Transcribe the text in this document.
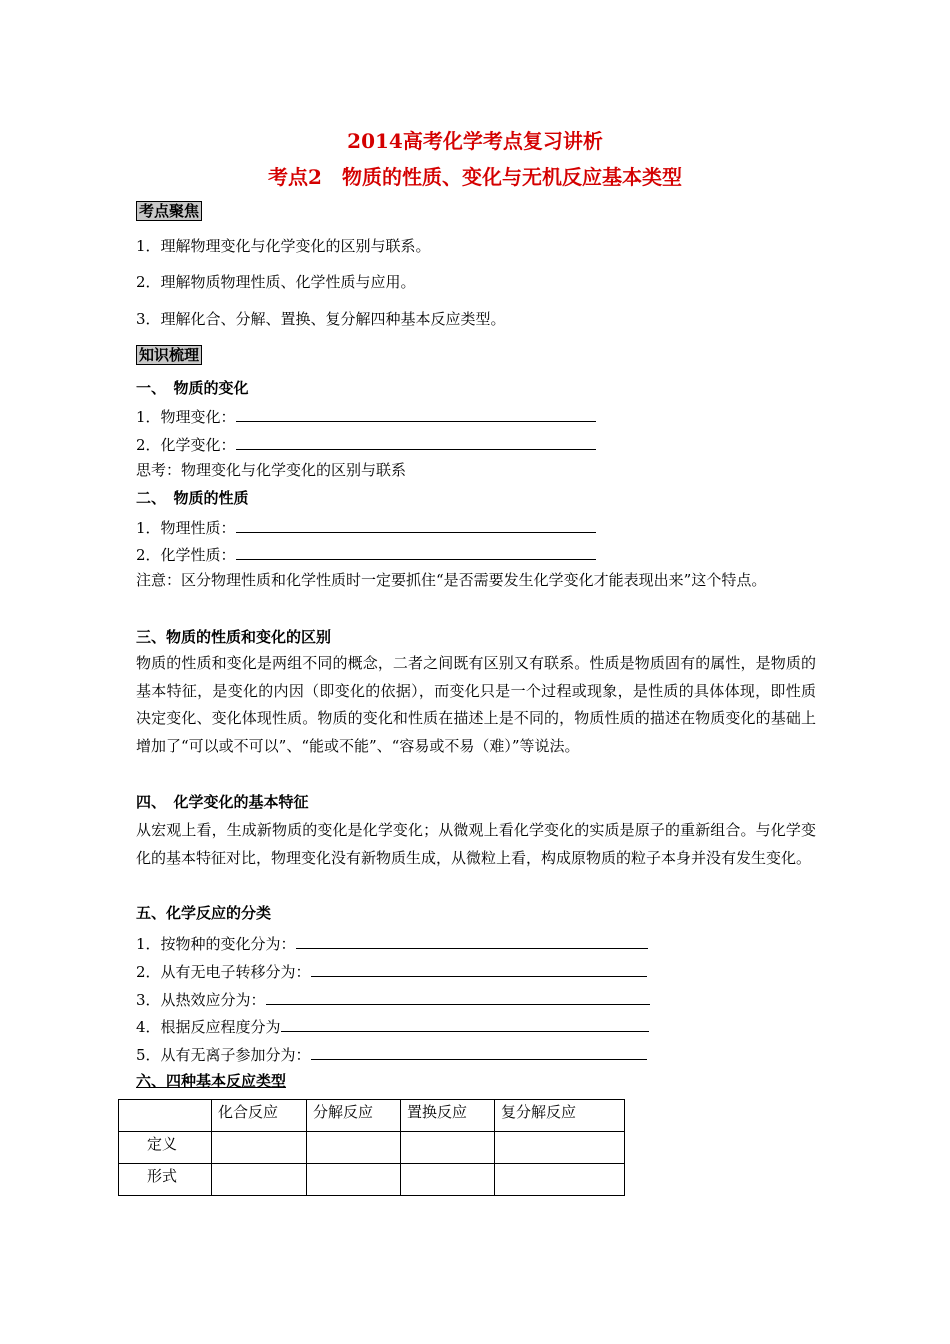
2014高考化学考点复习讲析
考点2　物质的性质、变化与无机反应基本类型
考点聚焦
1．理解物理变化与化学变化的区别与联系。
2．理解物质物理性质、化学性质与应用。
3．理解化合、分解、置换、复分解四种基本反应类型。
知识梳理
一、　物质的变化
1．物理变化：
2．化学变化：
思考：物理变化与化学变化的区别与联系
二、　物质的性质
1．物理性质：
2．化学性质：
注意：区分物理性质和化学性质时一定要抓住“是否需要发生化学变化才能表现出来”这个特点。
三、物质的性质和变化的区别
物质的性质和变化是两组不同的概念，二者之间既有区别又有联系。性质是物质固有的属性，是物质的基本特征，是变化的内因（即变化的依据），而变化只是一个过程或现象，是性质的具体体现，即性质决定变化、变化体现性质。物质的变化和性质在描述上是不同的，物质性质的描述在物质变化的基础上增加了“可以或不可以”、“能或不能”、“容易或不易（难）”等说法。
四、　化学变化的基本特征
从宏观上看，生成新物质的变化是化学变化；从微观上看化学变化的实质是原子的重新组合。与化学变化的基本特征对比，物理变化没有新物质生成，从微粒上看，构成原物质的粒子本身并没有发生变化。
五、化学反应的分类
1．按物种的变化分为：
2．从有无电子转移分为：
3．从热效应分为：
4．根据反应程度分为
5．从有无离子参加分为：
六、四种基本反应类型
	化合反应	分解反应	置换反应	复分解反应
定义				
形式				
